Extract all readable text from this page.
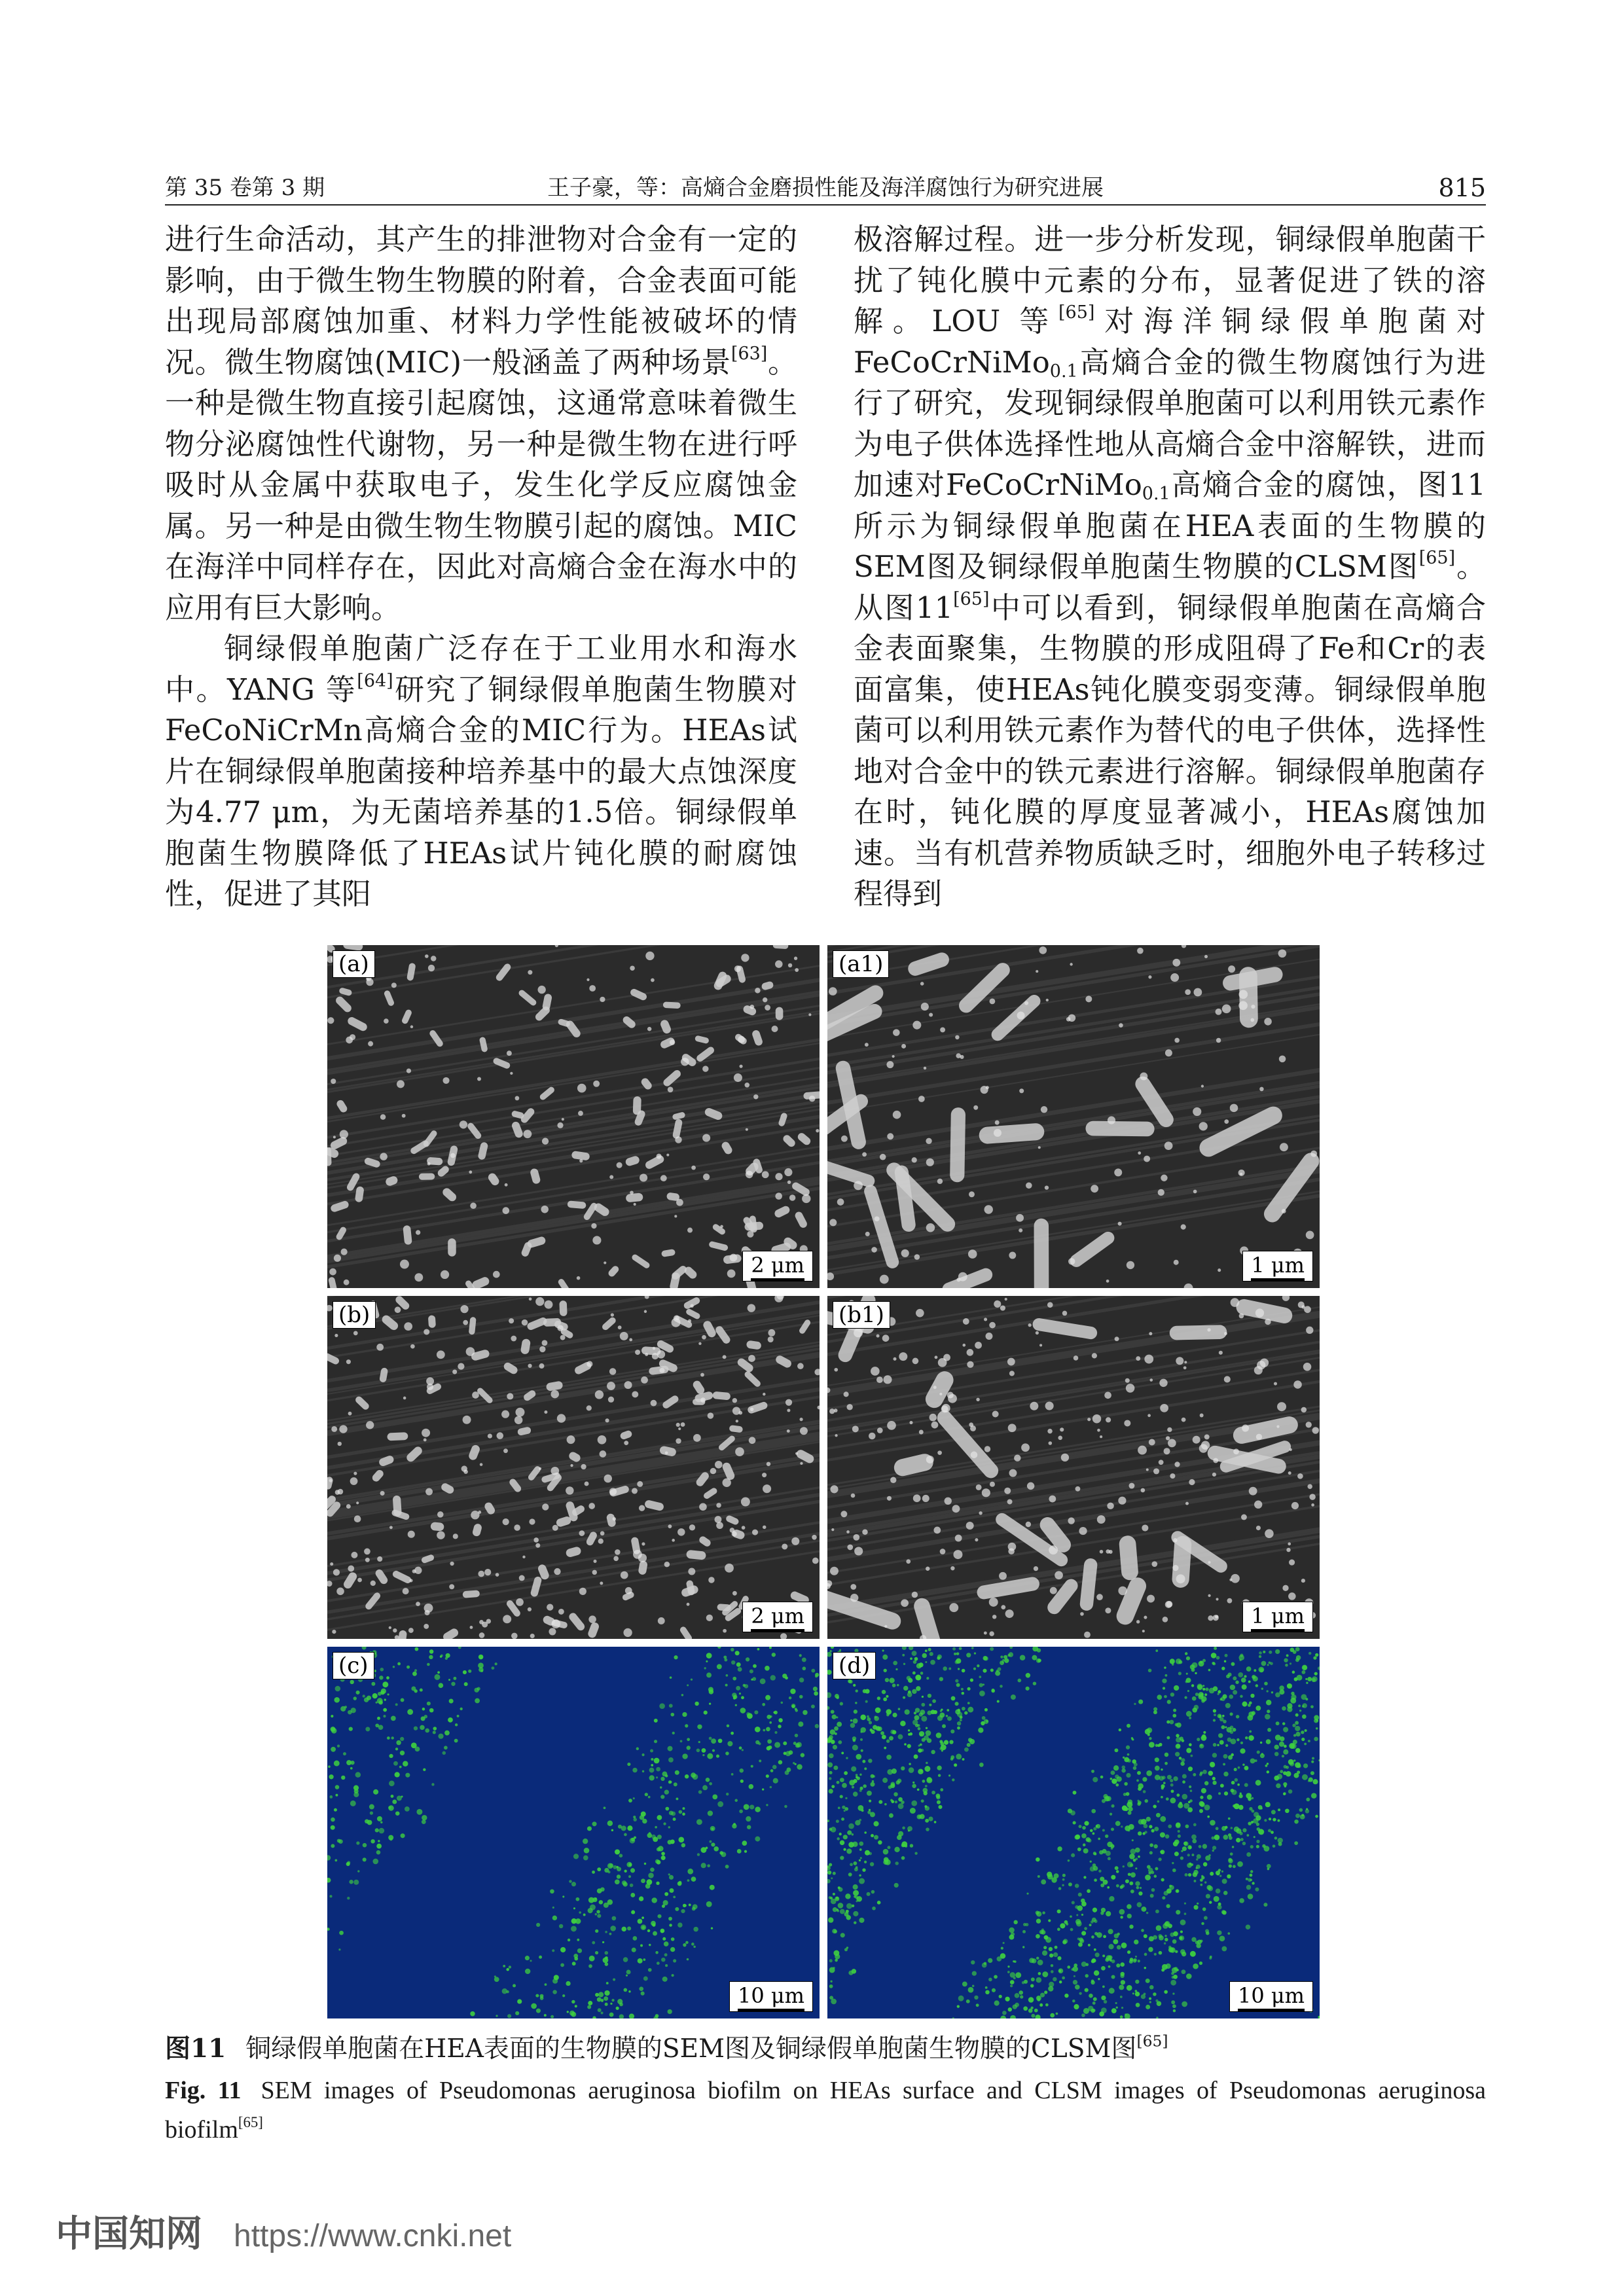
第 35 卷第 3 期	王子豪，等：高熵合金磨损性能及海洋腐蚀行为研究进展	815

进行生命活动，其产生的排泄物对合金有一定的影响，由于微生物生物膜的附着，合金表面可能出现局部腐蚀加重、材料力学性能被破坏的情况。微生物腐蚀(MIC)一般涵盖了两种场景[63]。一种是微生物直接引起腐蚀，这通常意味着微生物分泌腐蚀性代谢物，另一种是微生物在进行呼吸时从金属中获取电子，发生化学反应腐蚀金属。另一种是由微生物生物膜引起的腐蚀。MIC在海洋中同样存在，因此对高熵合金在海水中的应用有巨大影响。

铜绿假单胞菌广泛存在于工业用水和海水中。YANG 等[64]研究了铜绿假单胞菌生物膜对FeCoNiCrMn高熵合金的MIC行为。HEAs试片在铜绿假单胞菌接种培养基中的最大点蚀深度为4.77 μm，为无菌培养基的1.5倍。铜绿假单胞菌生物膜降低了HEAs试片钝化膜的耐腐蚀性，促进了其阳

极溶解过程。进一步分析发现，铜绿假单胞菌干扰了钝化膜中元素的分布，显著促进了铁的溶解。LOU 等[65]对海洋铜绿假单胞菌对FeCoCrNiMo$_{0.1}$高熵合金的微生物腐蚀行为进行了研究，发现铜绿假单胞菌可以利用铁元素作为电子供体选择性地从高熵合金中溶解铁，进而加速对FeCoCrNiMo$_{0.1}$高熵合金的腐蚀，图11所示为铜绿假单胞菌在HEA表面的生物膜的SEM图及铜绿假单胞菌生物膜的CLSM图[65]。从图11[65]中可以看到，铜绿假单胞菌在高熵合金表面聚集，生物膜的形成阻碍了Fe和Cr的表面富集，使HEAs钝化膜变弱变薄。铜绿假单胞菌可以利用铁元素作为替代的电子供体，选择性地对合金中的铁元素进行溶解。铜绿假单胞菌存在时，钝化膜的厚度显著减小，HEAs腐蚀加速。当有机营养物质缺乏时，细胞外电子转移过程得到

(a)
2 μm
(a1)
1 μm
(b)
2 μm
(b1)
1 μm
(c)
10 μm
(d)
10 μm
图11 铜绿假单胞菌在HEA表面的生物膜的SEM图及铜绿假单胞菌生物膜的CLSM图[65]
Fig. 11 SEM images of Pseudomonas aeruginosa biofilm on HEAs surface and CLSM images of Pseudomonas aeruginosa biofilm[65]
中国知网 https://www.cnki.net
